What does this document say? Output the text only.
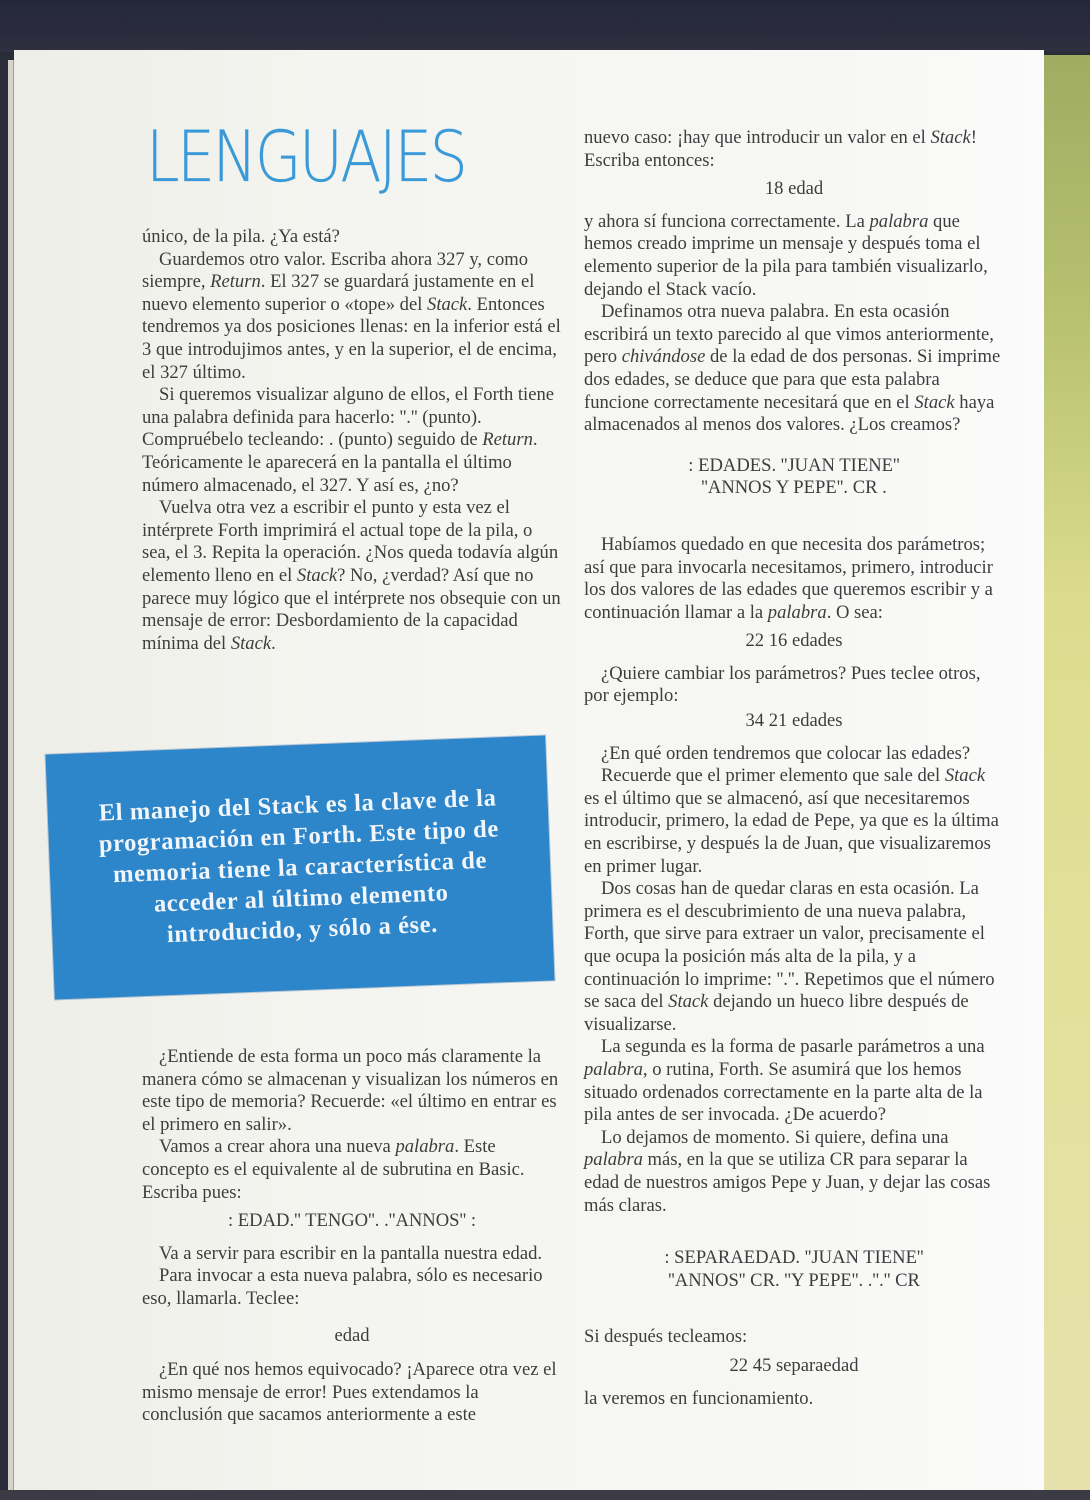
LENGUAJES

único, de la pila. ¿Ya está?

Guardemos otro valor. Escriba ahora 327 y, como siempre, Return. El 327 se guardará justamente en el nuevo elemento superior o «tope» del Stack. Entonces tendremos ya dos posiciones llenas: en la inferior está el 3 que introdujimos antes, y en la superior, el de encima, el 327 último.

Si queremos visualizar alguno de ellos, el Forth tiene una palabra definida para hacerlo: ''.'' (punto). Compruébelo tecleando: . (punto) seguido de Return. Teóricamente le aparecerá en la pantalla el último número almacenado, el 327. Y así es, ¿no?

Vuelva otra vez a escribir el punto y esta vez el intérprete Forth imprimirá el actual tope de la pila, o sea, el 3. Repita la operación. ¿Nos queda todavía algún elemento lleno en el Stack? No, ¿verdad? Así que no parece muy lógico que el intérprete nos obsequie con un mensaje de error: Desbordamiento de la capacidad mínima del Stack.

El manejo del Stack es la clave de la programación en Forth. Este tipo de memoria tiene la característica de acceder al último elemento introducido, y sólo a ése.

¿Entiende de esta forma un poco más claramente la manera cómo se almacenan y visualizan los números en este tipo de memoria? Recuerde: «el último en entrar es el primero en salir».

Vamos a crear ahora una nueva palabra. Este concepto es el equivalente al de subrutina en Basic. Escriba pues:

: EDAD.'' TENGO''. .''ANNOS'' :

Va a servir para escribir en la pantalla nuestra edad.

Para invocar a esta nueva palabra, sólo es necesario eso, llamarla. Teclee:

edad

¿En qué nos hemos equivocado? ¡Aparece otra vez el mismo mensaje de error! Pues extendamos la conclusión que sacamos anteriormente a este

nuevo caso: ¡hay que introducir un valor en el Stack! Escriba entonces:

18 edad

y ahora sí funciona correctamente. La palabra que hemos creado imprime un mensaje y después toma el elemento superior de la pila para también visualizarlo, dejando el Stack vacío.

Definamos otra nueva palabra. En esta ocasión escribirá un texto parecido al que vimos anteriormente, pero chivándose de la edad de dos personas. Si imprime dos edades, se deduce que para que esta palabra funcione correctamente necesitará que en el Stack haya almacenados al menos dos valores. ¿Los creamos?

: EDADES. ''JUAN TIENE''
''ANNOS Y PEPE''. CR .

Habíamos quedado en que necesita dos parámetros; así que para invocarla necesitamos, primero, introducir los dos valores de las edades que queremos escribir y a continuación llamar a la palabra. O sea:

22 16 edades

¿Quiere cambiar los parámetros? Pues teclee otros, por ejemplo:

34 21 edades

¿En qué orden tendremos que colocar las edades?

Recuerde que el primer elemento que sale del Stack es el último que se almacenó, así que necesitaremos introducir, primero, la edad de Pepe, ya que es la última en escribirse, y después la de Juan, que visualizaremos en primer lugar.

Dos cosas han de quedar claras en esta ocasión. La primera es el descubrimiento de una nueva palabra, Forth, que sirve para extraer un valor, precisamente el que ocupa la posición más alta de la pila, y a continuación lo imprime: ''.''. Repetimos que el número se saca del Stack dejando un hueco libre después de visualizarse.

La segunda es la forma de pasarle parámetros a una palabra, o rutina, Forth. Se asumirá que los hemos situado ordenados correctamente en la parte alta de la pila antes de ser invocada. ¿De acuerdo?

Lo dejamos de momento. Si quiere, defina una palabra más, en la que se utiliza CR para separar la edad de nuestros amigos Pepe y Juan, y dejar las cosas más claras.

: SEPARAEDAD. ''JUAN TIENE''
''ANNOS'' CR. ''Y PEPE''. .''.'' CR

Si después tecleamos:

22 45 separaedad

la veremos en funcionamiento.
